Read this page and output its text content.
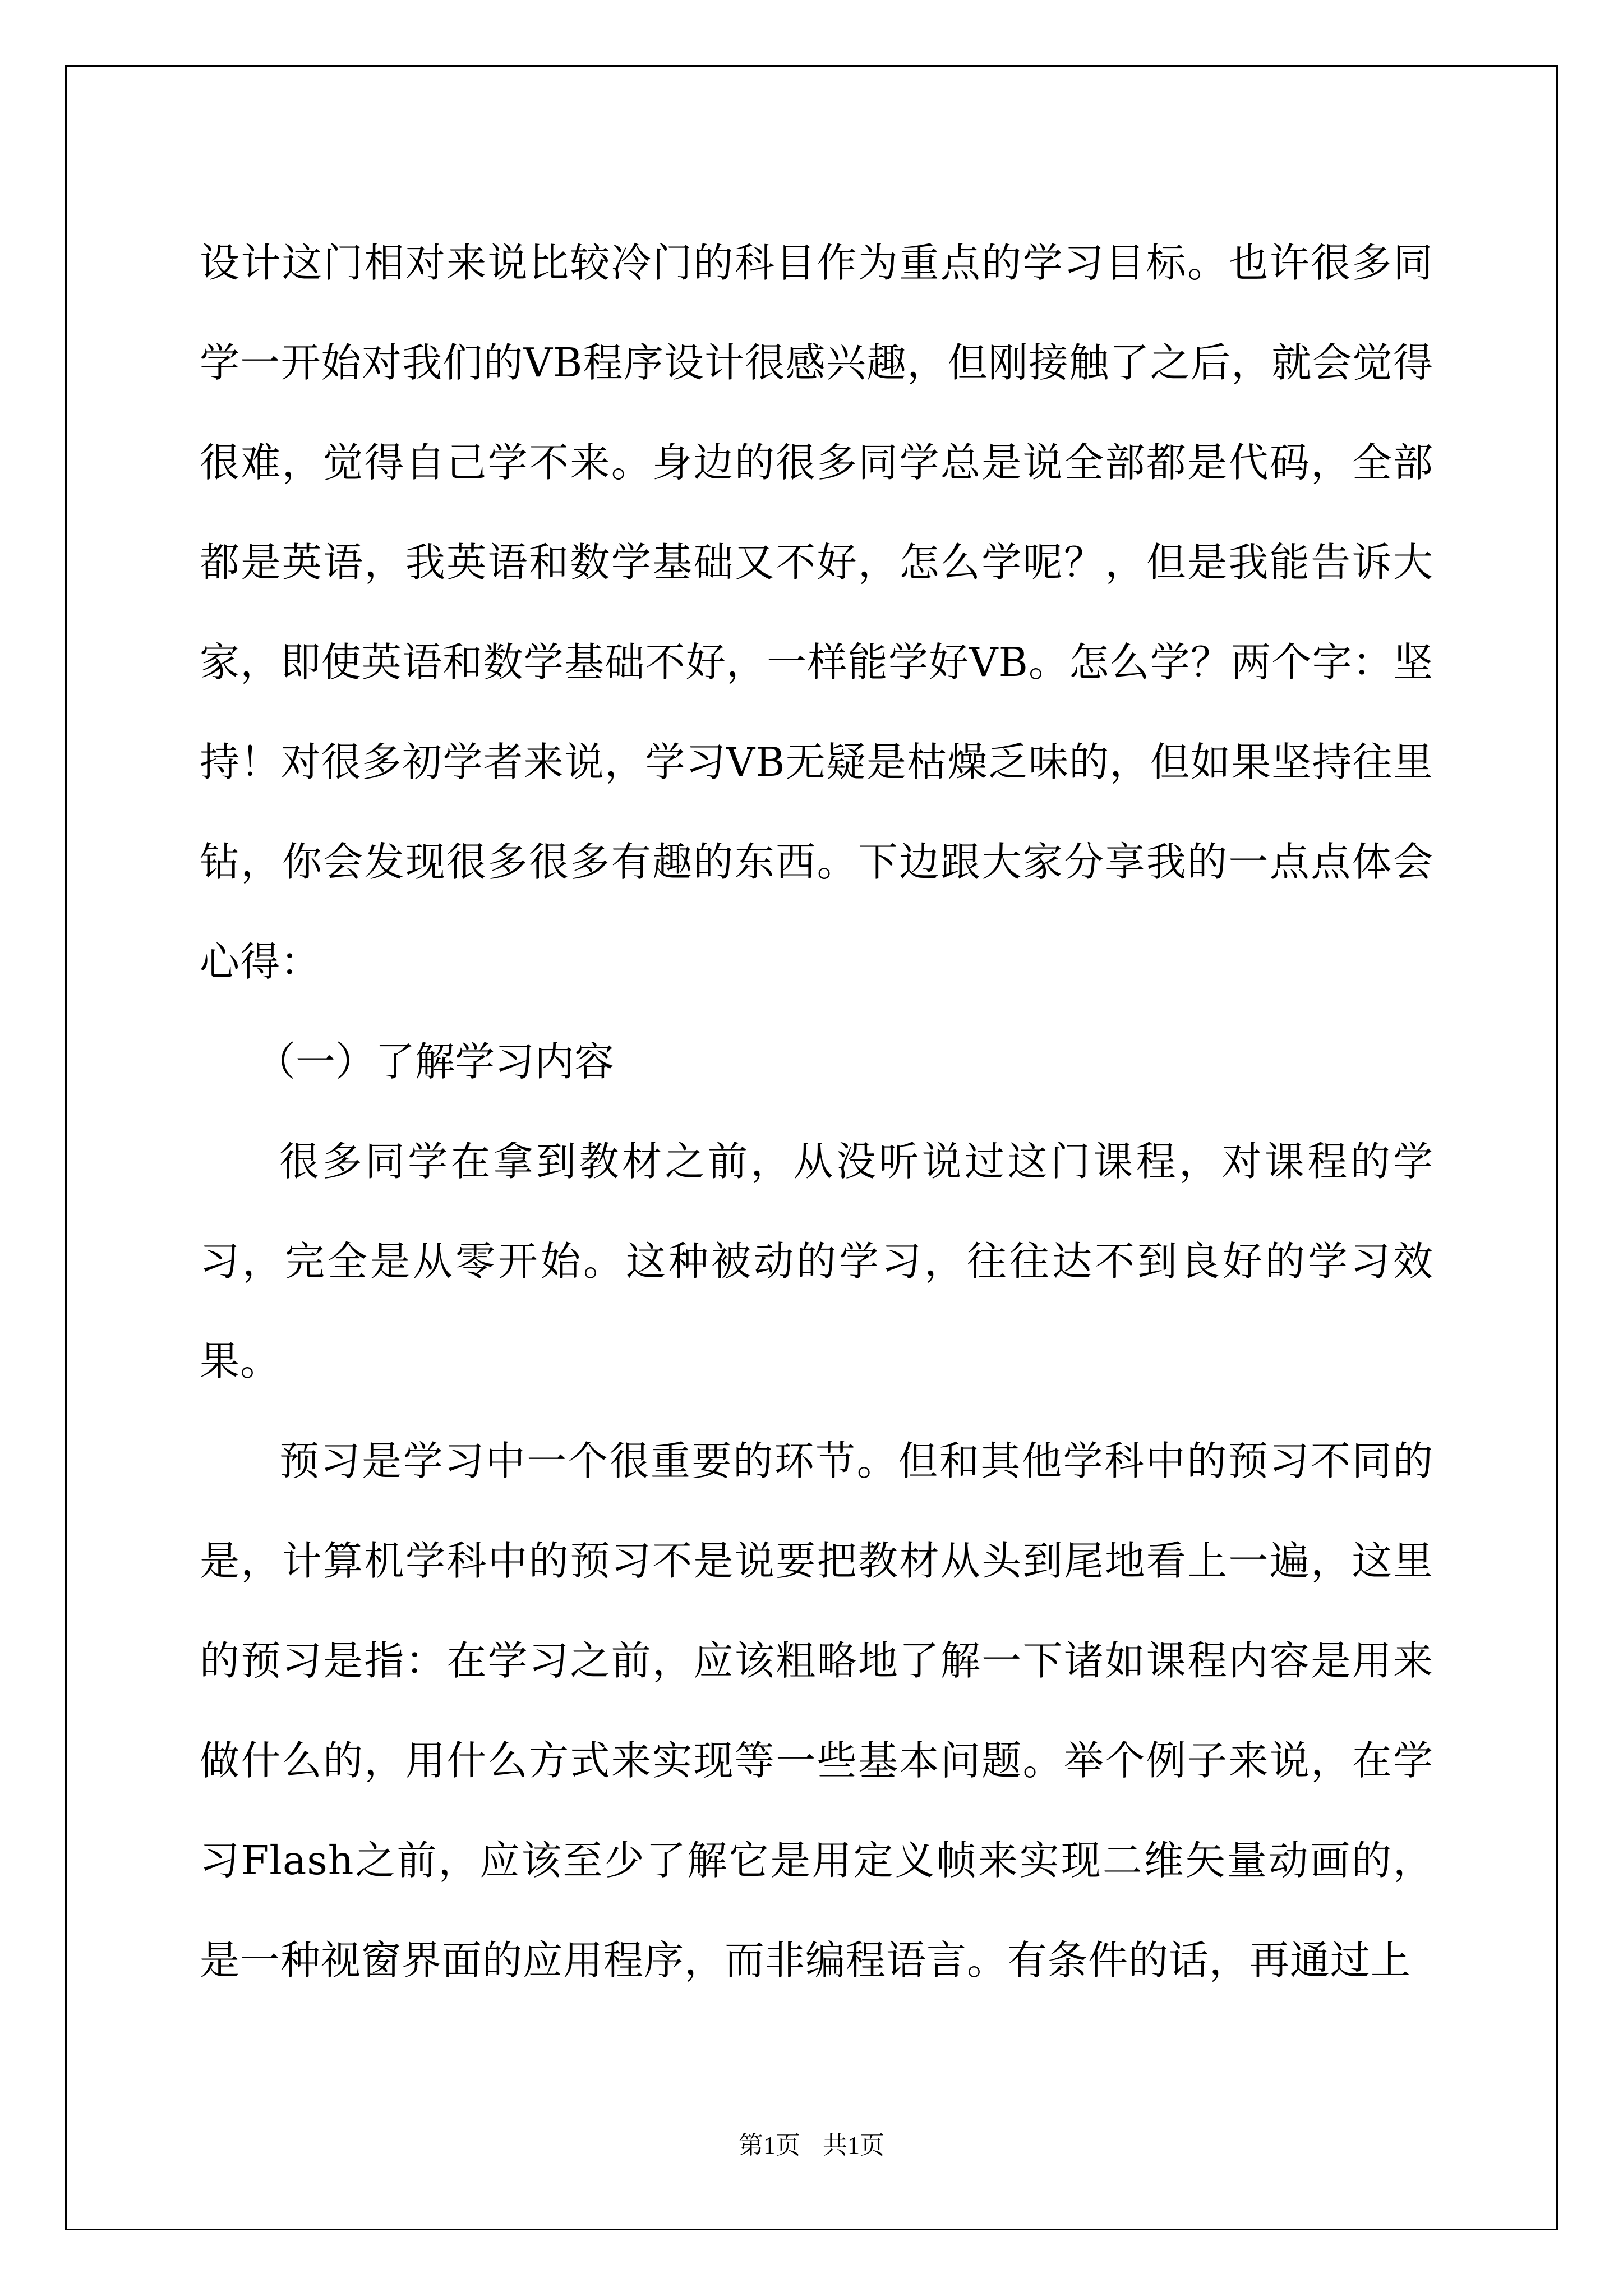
设计这门相对来说比较冷门的科目作为重点的学习目标。也许很多同学一开始对我们的VB程序设计很感兴趣，但刚接触了之后，就会觉得很难，觉得自己学不来。身边的很多同学总是说全部都是代码，全部都是英语，我英语和数学基础又不好，怎么学呢？，但是我能告诉大家，即使英语和数学基础不好，一样能学好VB。怎么学？两个字：坚持！对很多初学者来说，学习VB无疑是枯燥乏味的，但如果坚持往里钻，你会发现很多很多有趣的东西。下边跟大家分享我的一点点体会心得：

（一）了解学习内容

很多同学在拿到教材之前，从没听说过这门课程，对课程的学习，完全是从零开始。这种被动的学习，往往达不到良好的学习效果。

预习是学习中一个很重要的环节。但和其他学科中的预习不同的是，计算机学科中的预习不是说要把教材从头到尾地看上一遍，这里的预习是指：在学习之前，应该粗略地了解一下诸如课程内容是用来做什么的，用什么方式来实现等一些基本问题。举个例子来说，在学习Flash之前，应该至少了解它是用定义帧来实现二维矢量动画的，是一种视窗界面的应用程序，而非编程语言。有条件的话，再通过上

第1页 共1页
